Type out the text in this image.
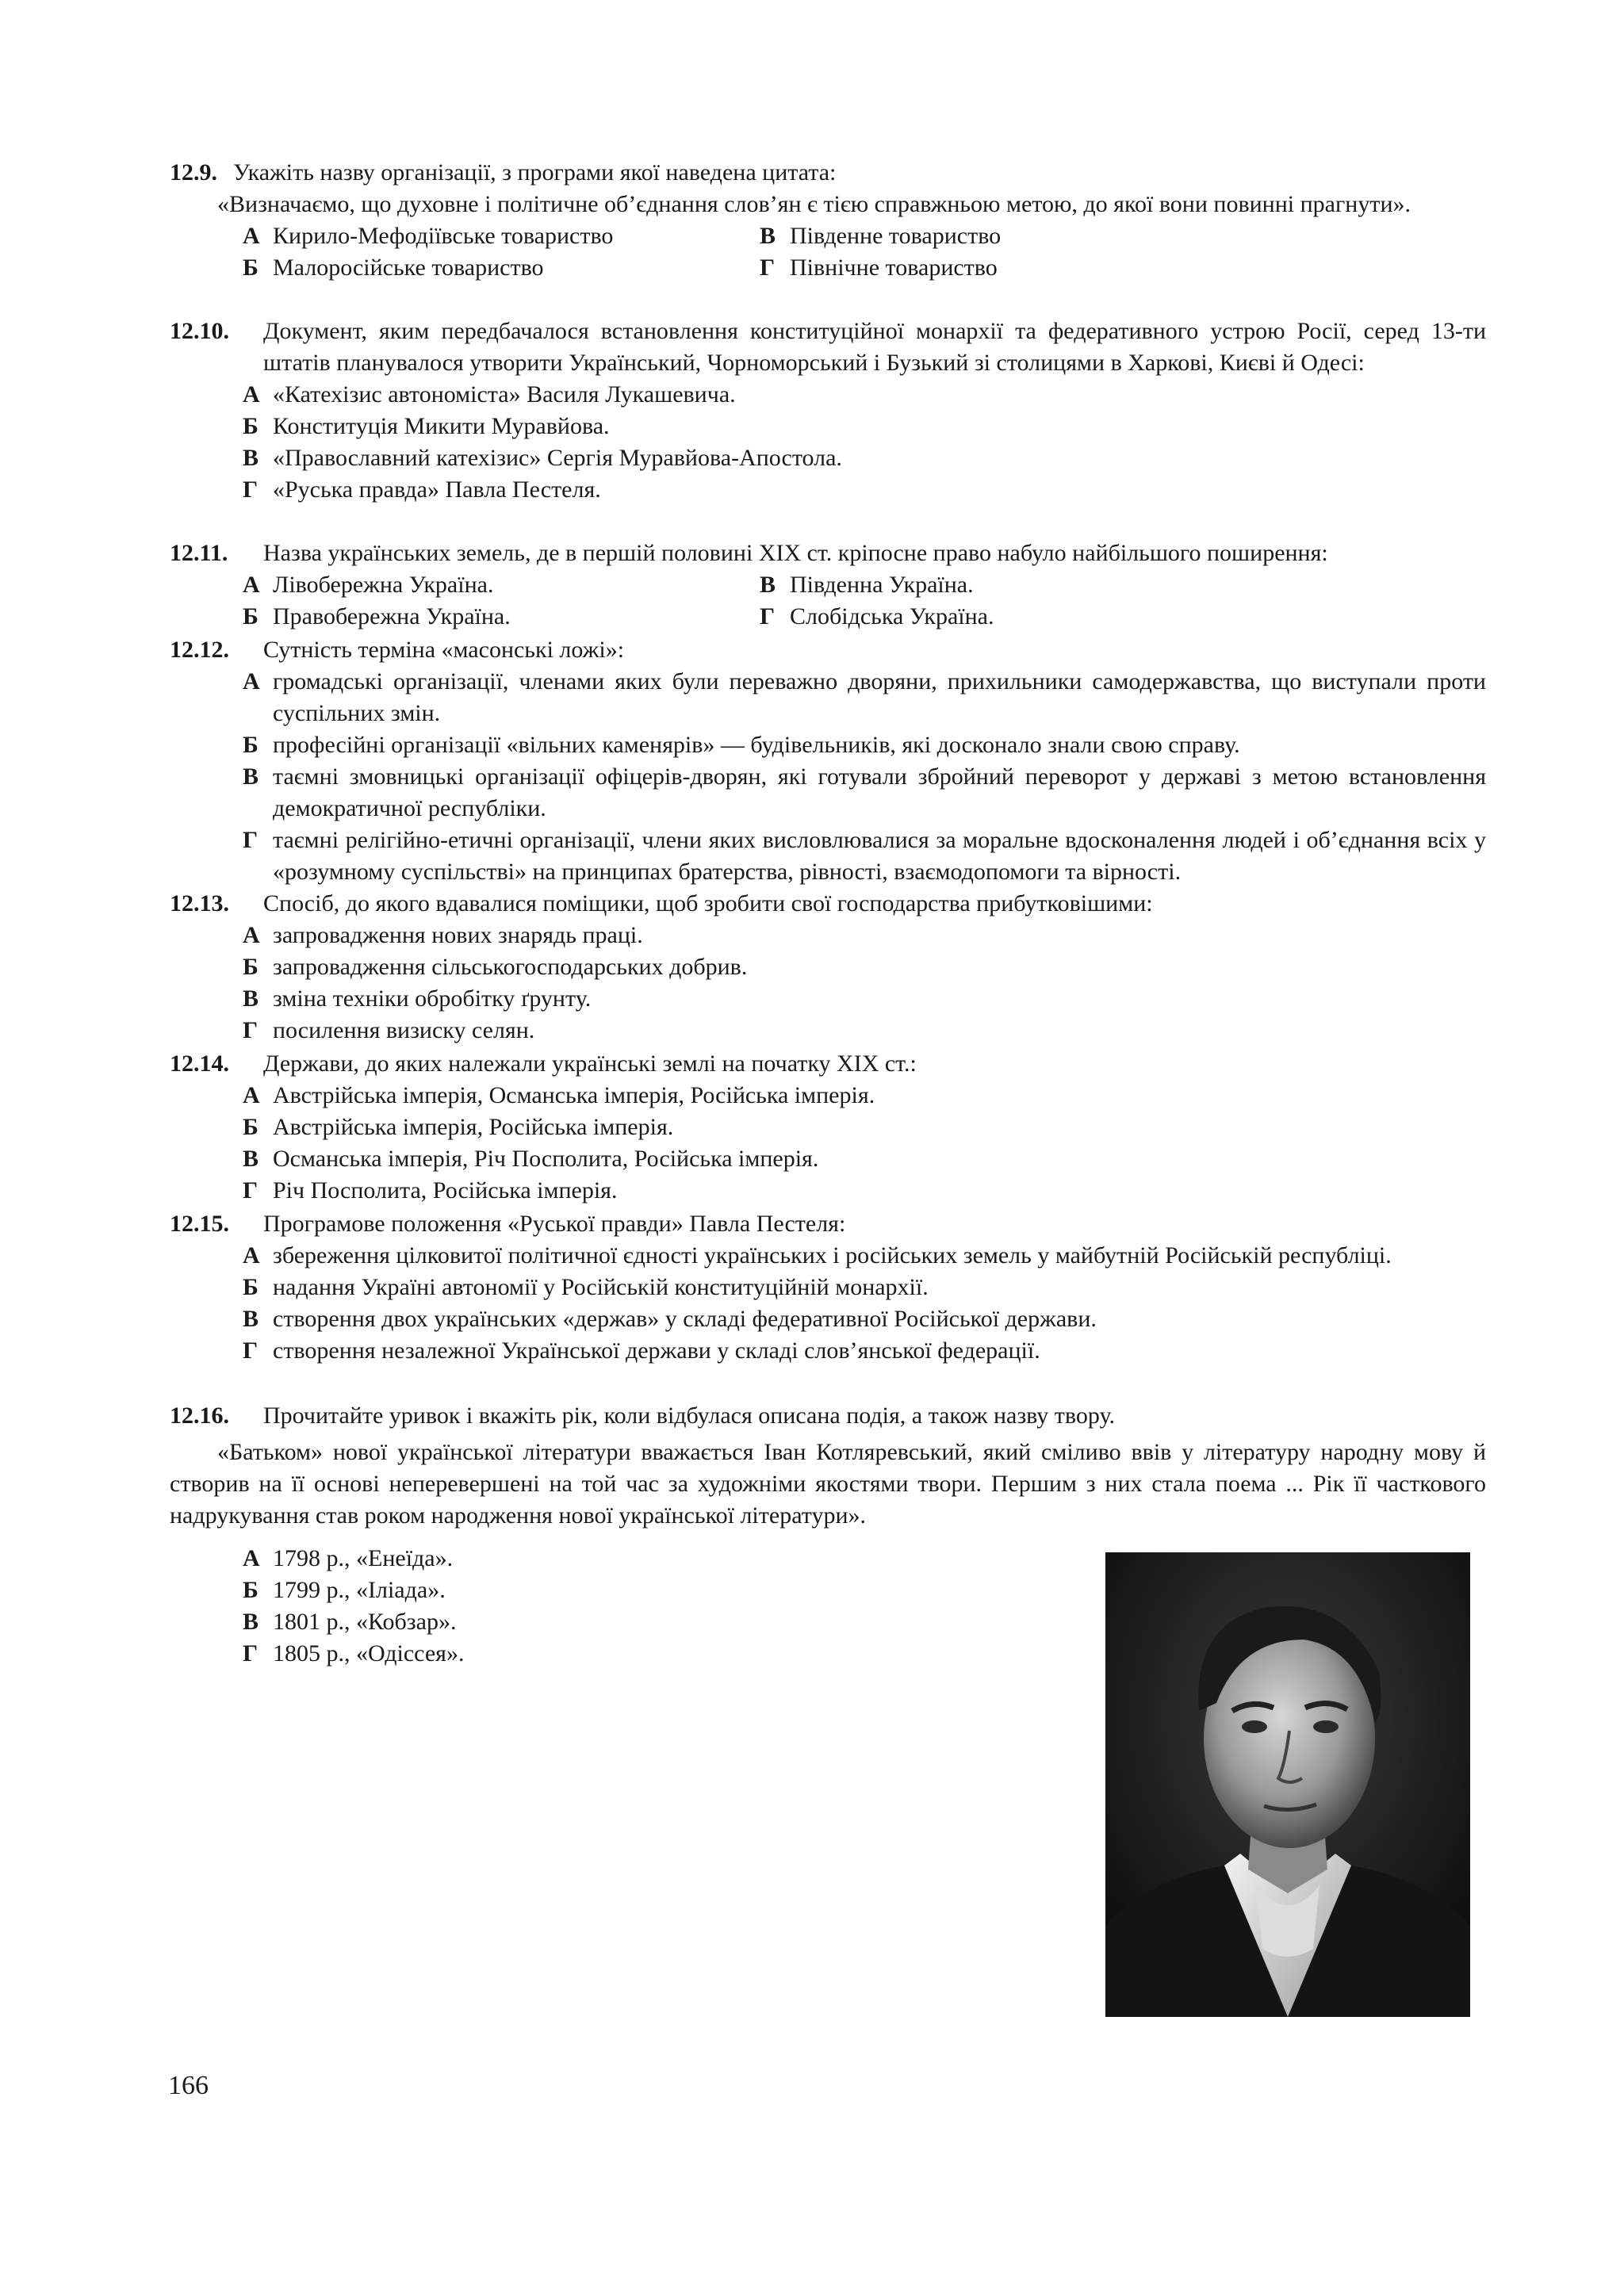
12.9. Укажіть назву організації, з програми якої наведена цитата:
«Визначаємо, що духовне і політичне об’єднання слов’ян є тією справжньою метою, до якої вони повинні прагнути».
А Кирило-Мефодіївське товариство	В Південне товариство
Б Малоросійське товариство	Г Північне товариство
12.10.	Документ, яким передбачалося встановлення конституційної монархії та федеративного устрою Росії, серед 13-ти штатів планувалося утворити Український, Чорноморський і Бузький зі столицями в Харкові, Києві й Одесі:
А «Катехізис автономіста» Василя Лукашевича.
Б Конституція Микити Муравйова.
В «Православний катехізис» Сергія Муравйова-Апостола.
Г «Руська правда» Павла Пестеля.
12.11.	Назва українських земель, де в першій половині XIX ст. кріпосне право набуло найбільшого поширення:
А Лівобережна Україна.	В Південна Україна.
Б Правобережна Україна.	Г Слобідська Україна.
12.12.	Сутність терміна «масонські ложі»:
А громадські організації, членами яких були переважно дворяни, прихильники самодержавства, що виступали проти суспільних змін.
Б професійні організації «вільних каменярів» — будівельників, які досконало знали свою справу.
В таємні змовницькі організації офіцерів-дворян, які готували збройний переворот у державі з метою встановлення демократичної республіки.
Г таємні релігійно-етичні організації, члени яких висловлювалися за моральне вдосконалення людей і об’єднання всіх у «розумному суспільстві» на принципах братерства, рівності, взаємодопомоги та вірності.
12.13.	Спосіб, до якого вдавалися поміщики, щоб зробити свої господарства прибутковішими:
А запровадження нових знарядь праці.
Б запровадження сільськогосподарських добрив.
В зміна техніки обробітку ґрунту.
Г посилення визиску селян.
12.14.	Держави, до яких належали українські землі на початку XIX ст.:
А Австрійська імперія, Османська імперія, Російська імперія.
Б Австрійська імперія, Російська імперія.
В Османська імперія, Річ Посполита, Російська імперія.
Г Річ Посполита, Російська імперія.
12.15.	Програмове положення «Руської правди» Павла Пестеля:
А збереження цілковитої політичної єдності українських і російських земель у майбутній Російській республіці.
Б надання Україні автономії у Російській конституційній монархії.
В створення двох українських «держав» у складі федеративної Російської держави.
Г створення незалежної Української держави у складі слов’янської федерації.
12.16.	Прочитайте уривок і вкажіть рік, коли відбулася описана подія, а також назву твору.
«Батьком» нової української літератури вважається Іван Котляревський, який сміливо ввів у літературу народну мову й створив на її основі неперевершені на той час за художніми якостями твори. Першим з них стала поема ... Рік її часткового надрукування став роком народження нової української літератури».
А 1798 р., «Енеїда».
Б 1799 р., «Іліада».
В 1801 р., «Кобзар».
Г 1805 р., «Одіссея».
166
